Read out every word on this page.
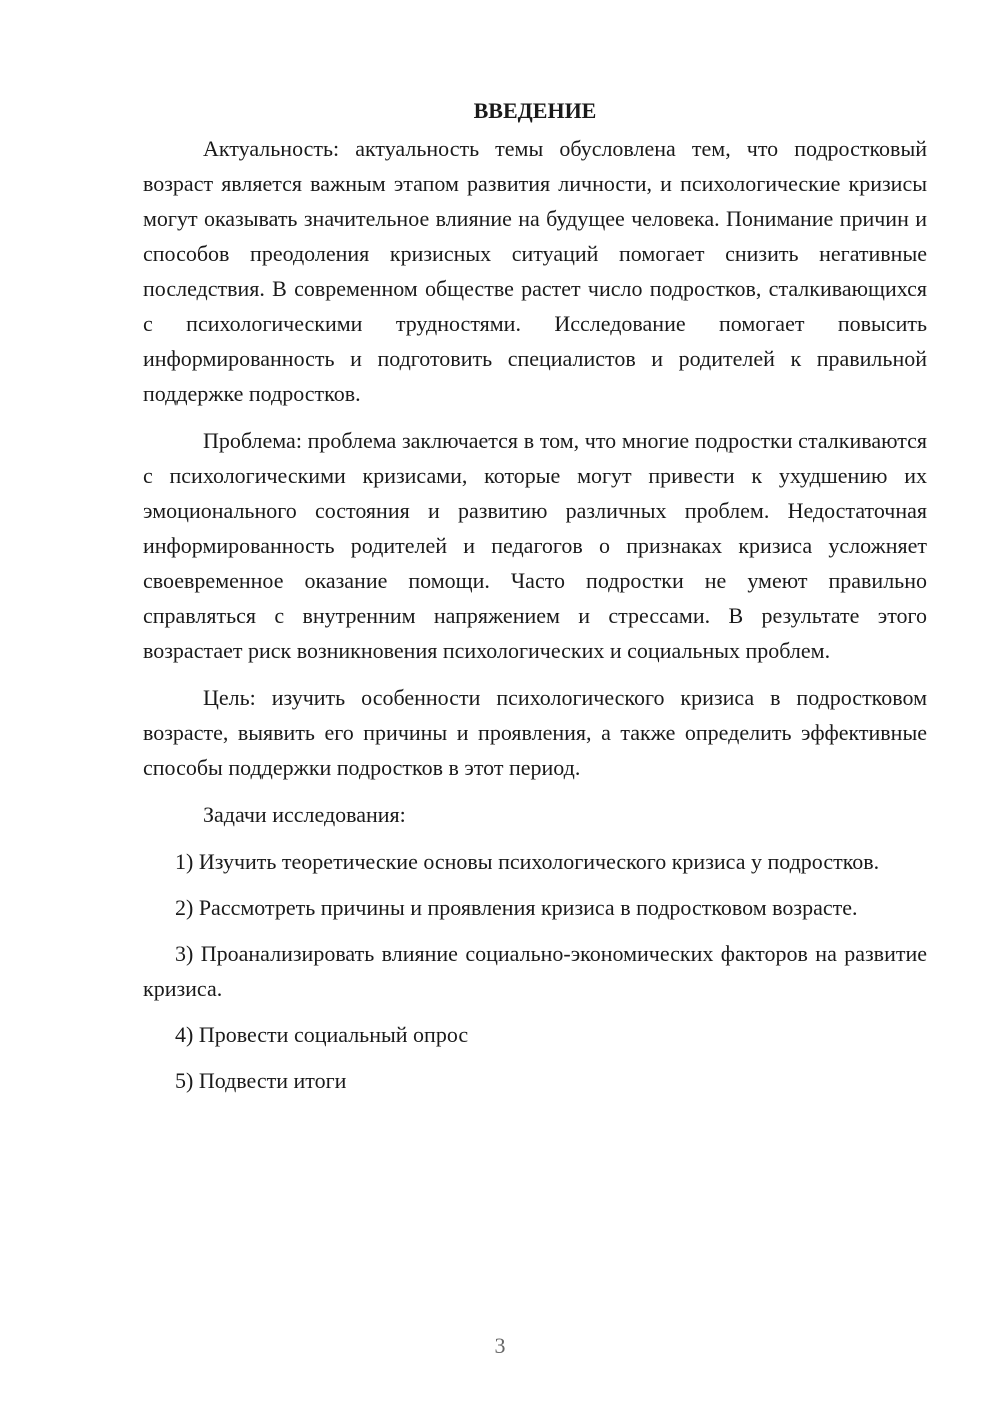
ВВЕДЕНИЕ

Актуальность: актуальность темы обусловлена тем, что подростковый возраст является важным этапом развития личности, и психологические кризисы могут оказывать значительное влияние на будущее человека. Понимание причин и способов преодоления кризисных ситуаций помогает снизить негативные последствия. В современном обществе растет число подростков, сталкивающихся с психологическими трудностями. Исследование помогает повысить информированность и подготовить специалистов и родителей к правильной поддержке подростков.

Проблема: проблема заключается в том, что многие подростки сталкиваются с психологическими кризисами, которые могут привести к ухудшению их эмоционального состояния и развитию различных проблем. Недостаточная информированность родителей и педагогов о признаках кризиса усложняет своевременное оказание помощи. Часто подростки не умеют правильно справляться с внутренним напряжением и стрессами. В результате этого возрастает риск возникновения психологических и социальных проблем.

Цель: изучить особенности психологического кризиса в подростковом возрасте, выявить его причины и проявления, а также определить эффективные способы поддержки подростков в этот период.

Задачи исследования:

1) Изучить теоретические основы психологического кризиса у подростков.

2) Рассмотреть причины и проявления кризиса в подростковом возрасте.

3) Проанализировать влияние социально-экономических факторов на развитие кризиса.

4) Провести социальный опрос

5) Подвести итоги

3
